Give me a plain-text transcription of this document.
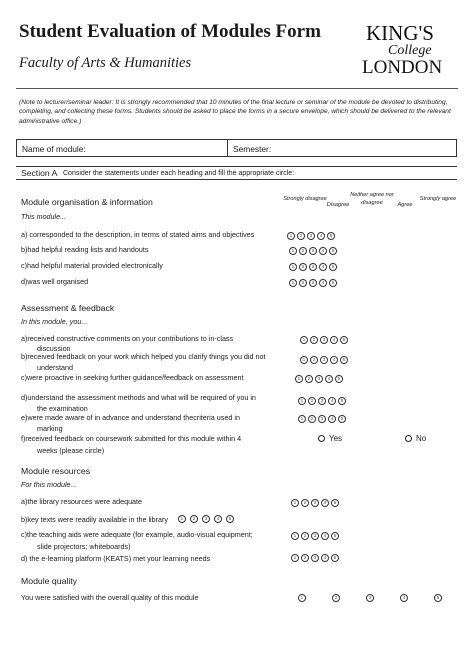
Student Evaluation of Modules Form
Faculty of Arts & Humanities
KING'S
College
LONDON
(Note to lecturer/seminar leader: It is strongly recommended that 10 minutes of the final lecture or seminar of the module be devoted to distributing, completing, and collecting these forms. Students should be asked to place the forms in a secure envelope, which should be delivered to the relevant administrative office.)
Name of module:	Semester:
Section A Consider the statements under each heading and fill the appropriate circle:
Strongly disagree
Disagree
Neither agree nor disagree	Agree
Strongly agree
Module organisation & information
This module...
a) corresponded to the description, in terms of stated aims and objectives	1	2	3	4	5
b)had helpful reading lists and handouts	1	2	3	4	5
c)had helpful material provided electronically	1	2	3	4	5
d)was well organised	1	2	3	4	5
Assessment & feedback
In this module, you...
a)received constructive comments on your contributions to in-class
discussion
1	2	3	4	5
b)received feedback on your work which helped you clarify things you did not
understand
1	2	3	4	5
c)were proactive in seeking further guidance/feedback on assessment	1	2	3	4	5
d)understand the assessment methods and what will be required of you in
the examination
1	2	3	4	5
e)were made aware of in advance and understand thecriteria used in
marking
1	2	3	4	5
f)received feedback on coursework submitted for this module within 4
weeks (please circle)
Yes	No
Module resources
For this module...
a)the library resources were adequate	1	2	3	4	5
b)key texts were readily available in the library	1	2	3	4	5
c)the teaching aids were adequate (for example, audio-visual equipment;
slide projectors; whiteboards)
1	2	3	4	5
d) the e-learning platform (KEATS) met your learning needs	1	2	3	4	5
Module quality
You were satisfied with the overall quality of this module	1	2	3	4	5
